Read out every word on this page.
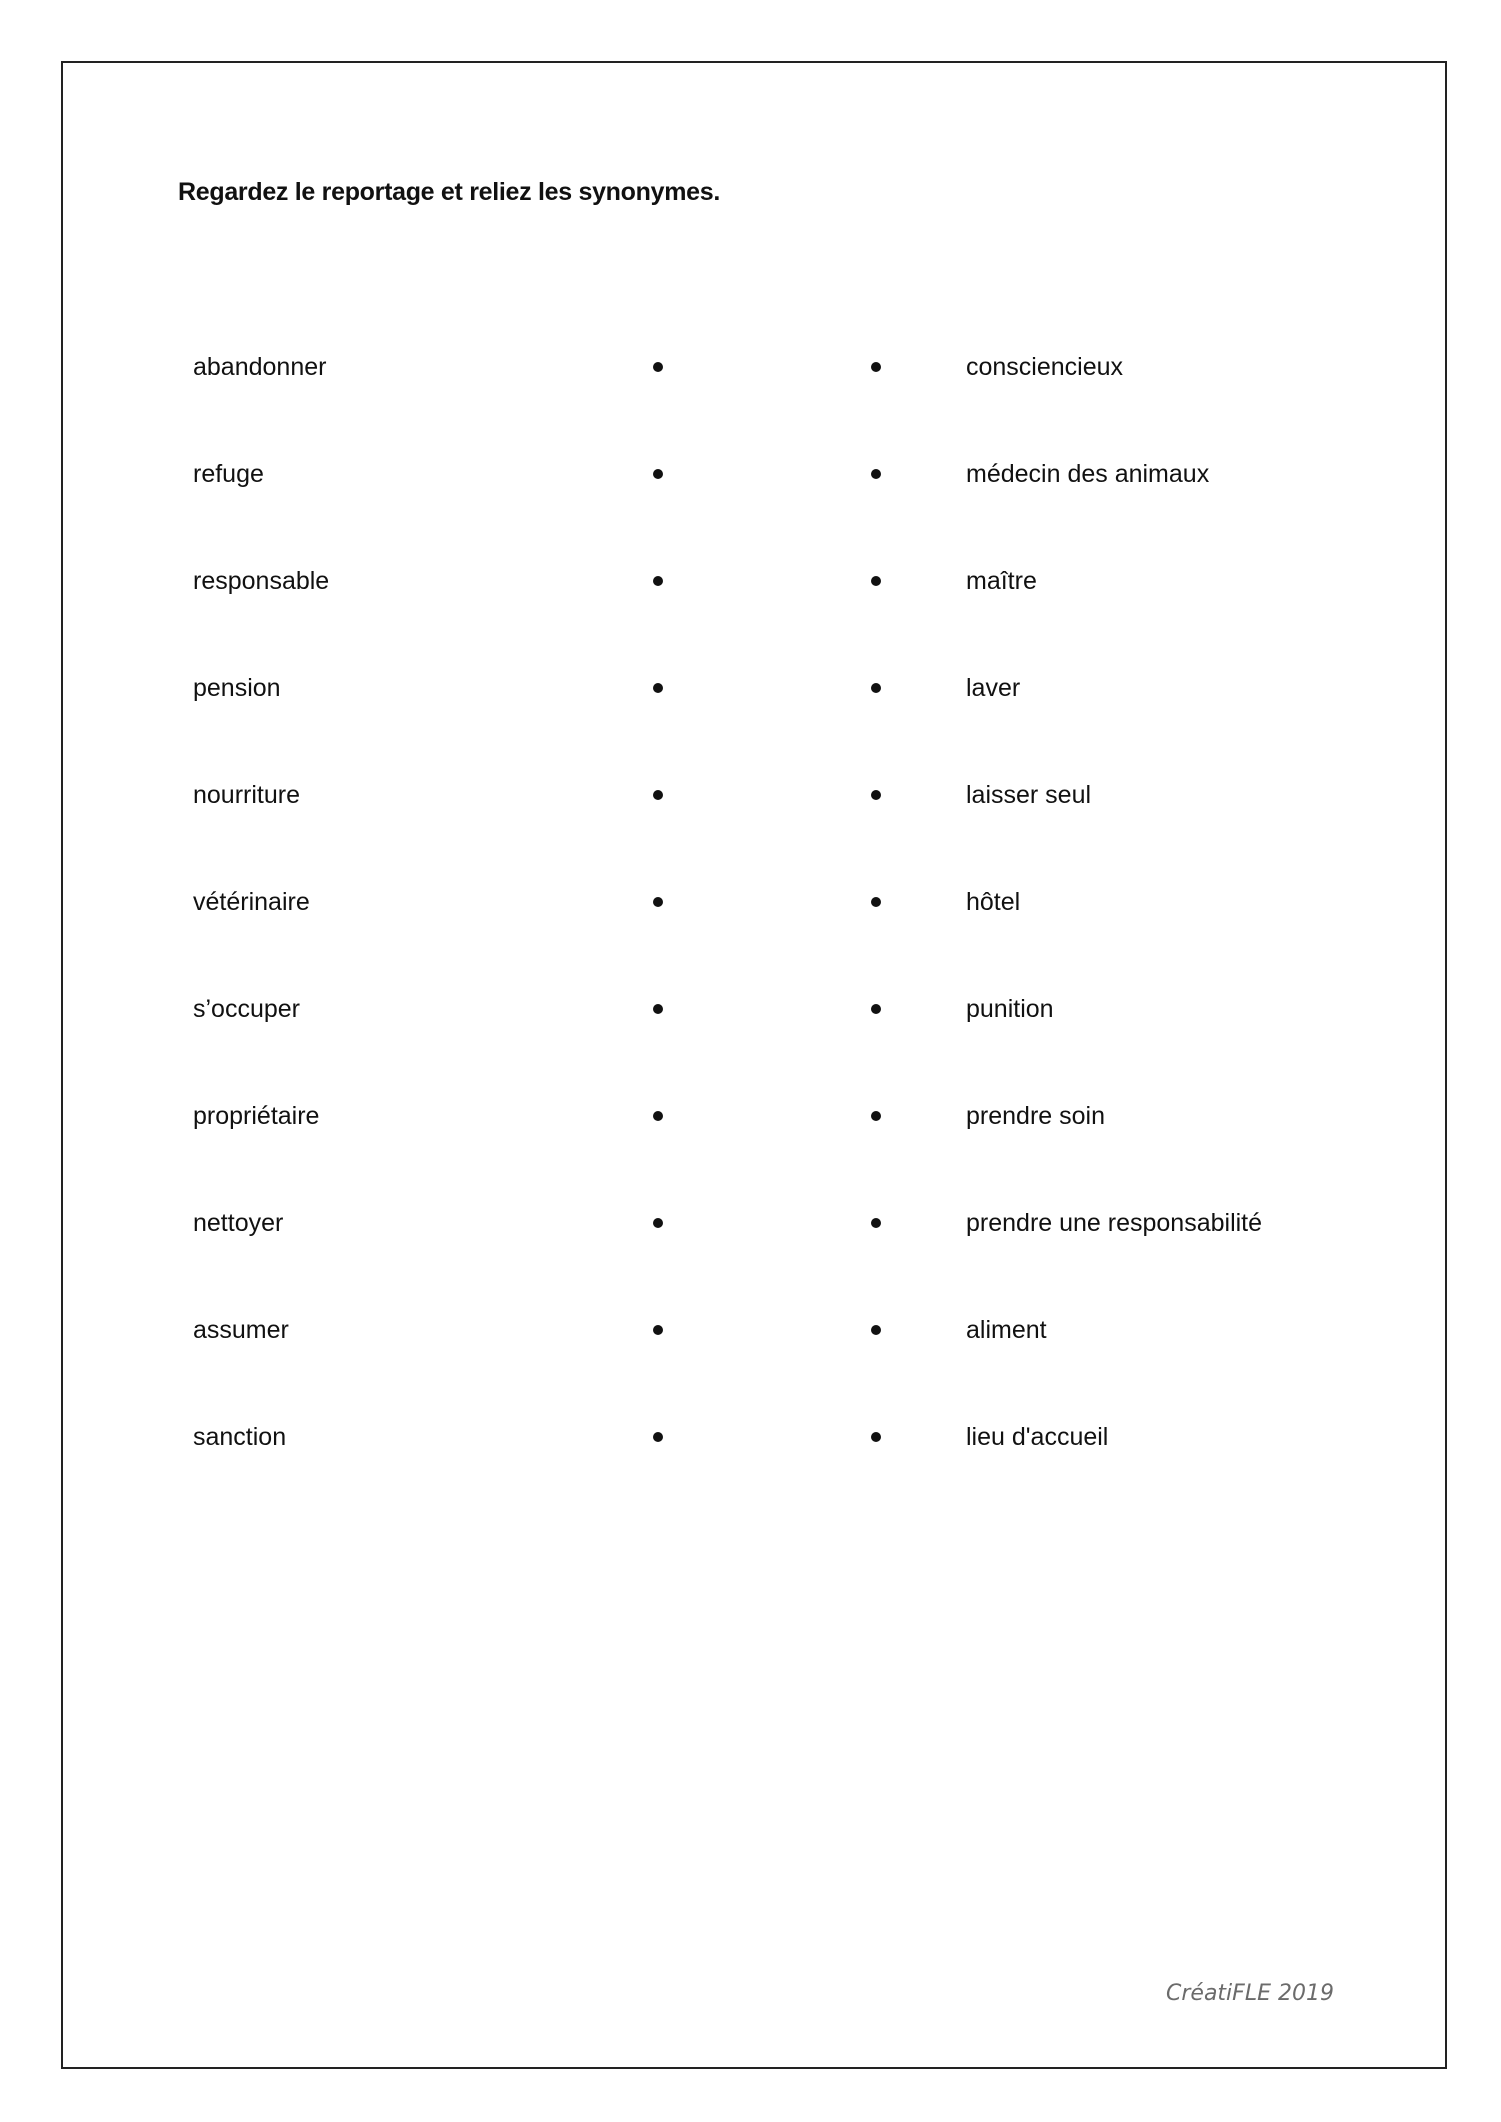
Regardez le reportage et reliez les synonymes.
abandonner	consciencieux
refuge	médecin des animaux
responsable	maître
pension	laver
nourriture	laisser seul
vétérinaire	hôtel
s’occuper	punition
propriétaire	prendre soin
nettoyer	prendre une responsabilité
assumer	aliment
sanction	lieu d'accueil
CréatiFLE 2019
